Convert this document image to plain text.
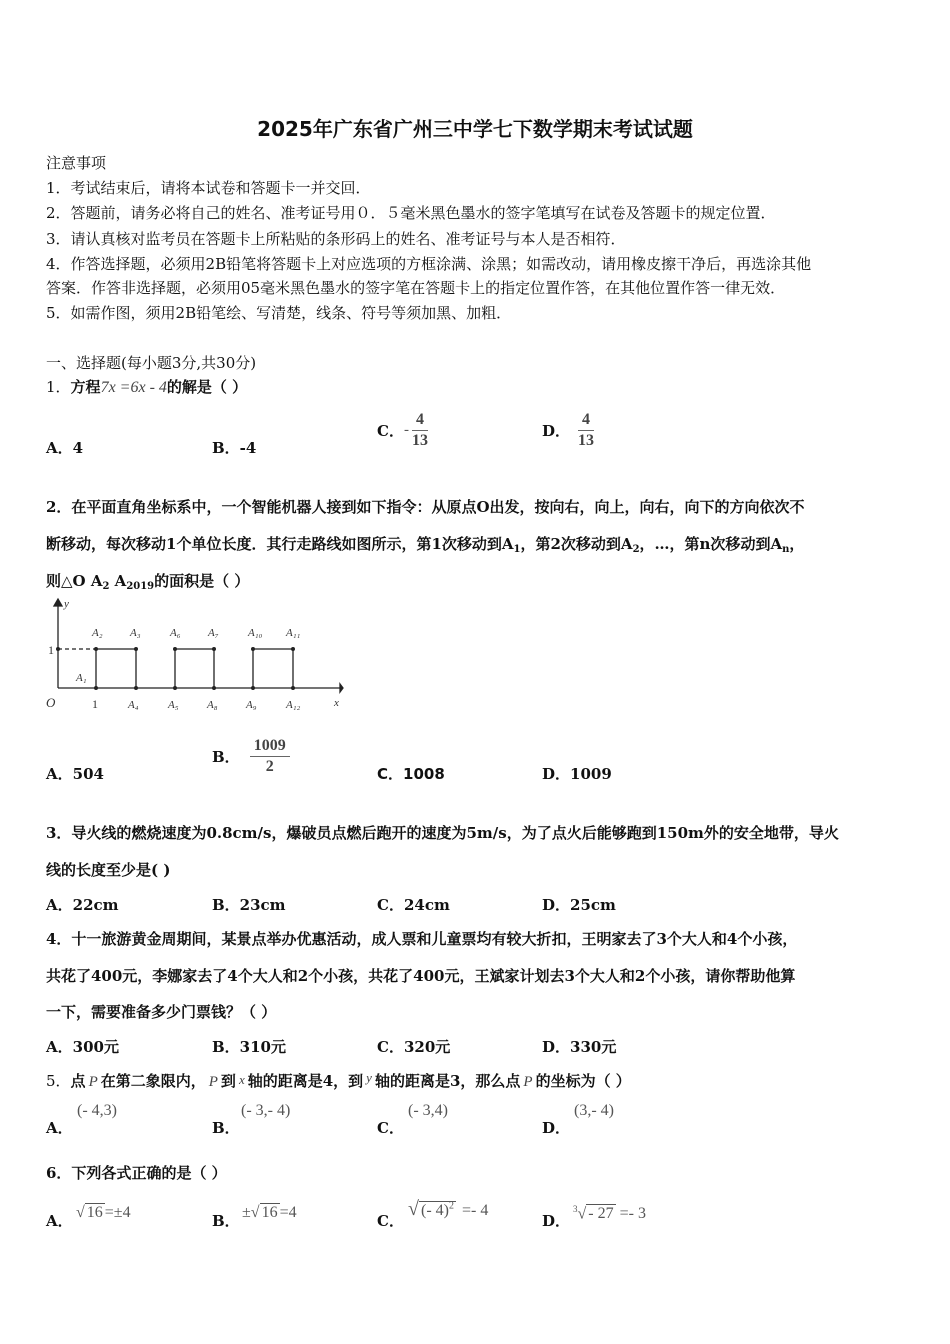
2025年广东省广州三中学七下数学期末考试试题
注意事项
1．考试结束后，请将本试卷和答题卡一并交回．
2．答题前，请务必将自己的姓名、准考证号用０．５毫米黑色墨水的签字笔填写在试卷及答题卡的规定位置．
3．请认真核对监考员在答题卡上所粘贴的条形码上的姓名、准考证号与本人是否相符．
4．作答选择题，必须用2B铅笔将答题卡上对应选项的方框涂满、涂黑；如需改动，请用橡皮擦干净后，再选涂其他
答案．作答非选择题，必须用05毫米黑色墨水的签字笔在答题卡上的指定位置作答，在其他位置作答一律无效．
5．如需作图，须用2B铅笔绘、写清楚，线条、符号等须加黑、加粗．
一、选择题(每小题3分,共30分)
1．方程7x =6x - 4的解是（ ）
A．4	B．-4
C．- $\frac{4}{13}$	D． $\frac{4}{13}$
2．在平面直角坐标系中，一个智能机器人接到如下指令：从原点O出发，按向右，向上，向右，向下的方向依次不
断移动，每次移动1个单位长度．其行走路线如图所示，第1次移动到$A_1$，第2次移动到$A_2$，…，第n次移动到$A_n$，
则△O $A_2$ $A_{2019}$的面积是（ ）
y
x
O
A₂ A₃	A₆ A₇	A₁₀ A₁₁
A₁
A₄	A₅	A₈	A₉	A₁₂
1
1
A．504
B． $\frac{1009}{2}$	C．1008	D．1009
3．导火线的燃烧速度为0.8cm/s，爆破员点燃后跑开的速度为5m/s，为了点火后能够跑到150m外的安全地带，导火
线的长度至少是( )
A．22cm	B．23cm	C．24cm	D．25cm
4．十一旅游黄金周期间，某景点举办优惠活动，成人票和儿童票均有较大折扣，王明家去了3个大人和4个小孩，
共花了400元，李娜家去了4个大人和2个小孩，共花了400元，王斌家计划去3个大人和2个小孩，请你帮助他算
一下，需要准备多少门票钱？（ ）
A．300元	B．310元	C．320元	D．330元
5．点 P 在第二象限内， P 到 x 轴的距离是4，到 y 轴的距离是3，那么点 P 的坐标为（ ）
A．
(- 4,3)
B．
(- 3,- 4)
C．
(- 3,4)
D．
(3,- 4)
6．下列各式正确的是（ ）
A． √ 16 =±4	B． ±√ 16 =4	C．
√ (- 4)$^2$ =- 4
D．
$^3$√ - 27 =- 3
